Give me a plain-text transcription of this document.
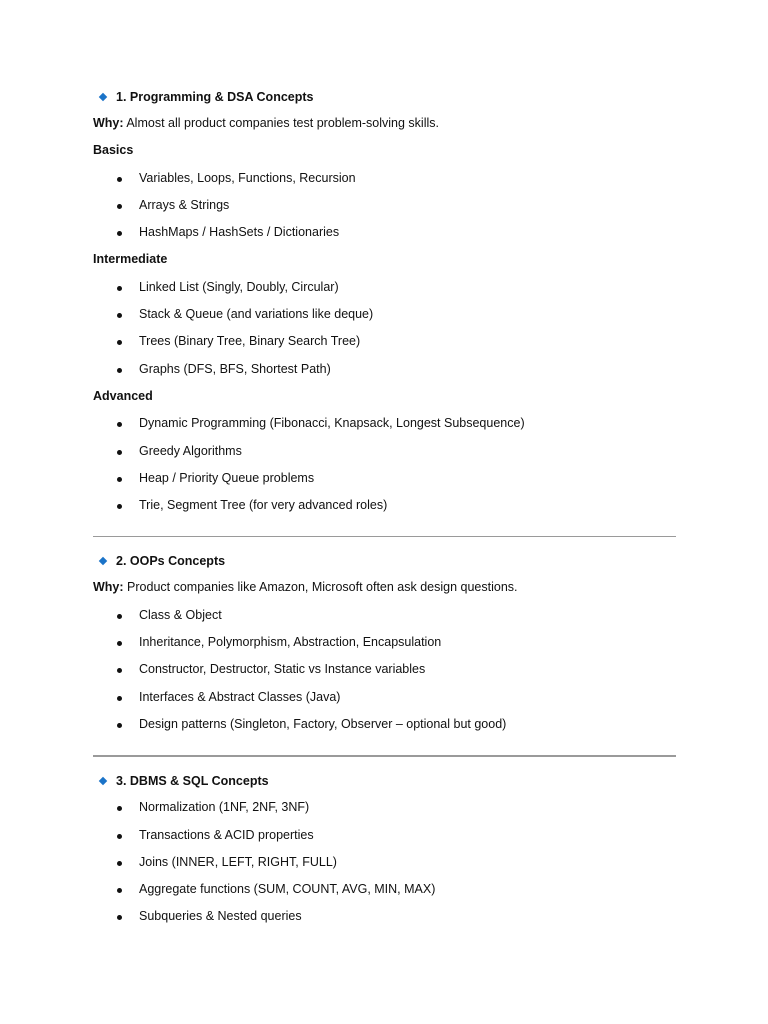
1. Programming & DSA Concepts

Why: Almost all product companies test problem-solving skills.

Basics

Variables, Loops, Functions, Recursion
Arrays & Strings
HashMaps / HashSets / Dictionaries

Intermediate

Linked List (Singly, Doubly, Circular)
Stack & Queue (and variations like deque)
Trees (Binary Tree, Binary Search Tree)
Graphs (DFS, BFS, Shortest Path)

Advanced

Dynamic Programming (Fibonacci, Knapsack, Longest Subsequence)
Greedy Algorithms
Heap / Priority Queue problems
Trie, Segment Tree (for very advanced roles)
2. OOPs Concepts

Why: Product companies like Amazon, Microsoft often ask design questions.

Class & Object
Inheritance, Polymorphism, Abstraction, Encapsulation
Constructor, Destructor, Static vs Instance variables
Interfaces & Abstract Classes (Java)
Design patterns (Singleton, Factory, Observer – optional but good)
3. DBMS & SQL Concepts
Normalization (1NF, 2NF, 3NF)
Transactions & ACID properties
Joins (INNER, LEFT, RIGHT, FULL)
Aggregate functions (SUM, COUNT, AVG, MIN, MAX)
Subqueries & Nested queries
